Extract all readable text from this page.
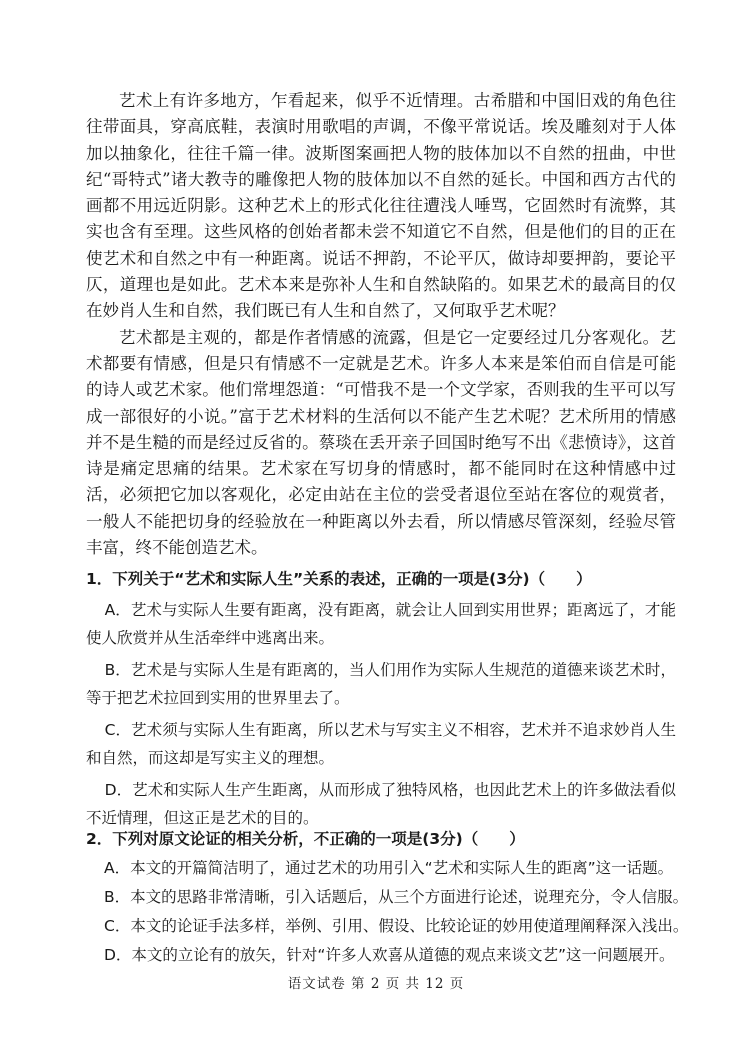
艺术上有许多地方，乍看起来，似乎不近情理。古希腊和中国旧戏的角色往往带面具，穿高底鞋，表演时用歌唱的声调，不像平常说话。埃及雕刻对于人体加以抽象化，往往千篇一律。波斯图案画把人物的肢体加以不自然的扭曲，中世纪“哥特式”诸大教寺的雕像把人物的肢体加以不自然的延长。中国和西方古代的画都不用远近阴影。这种艺术上的形式化往往遭浅人唾骂，它固然时有流弊，其实也含有至理。这些风格的创始者都未尝不知道它不自然，但是他们的目的正在使艺术和自然之中有一种距离。说话不押韵，不论平仄，做诗却要押韵，要论平仄，道理也是如此。艺术本来是弥补人生和自然缺陷的。如果艺术的最高目的仅在妙肖人生和自然，我们既已有人生和自然了，又何取乎艺术呢？

艺术都是主观的，都是作者情感的流露，但是它一定要经过几分客观化。艺术都要有情感，但是只有情感不一定就是艺术。许多人本来是笨伯而自信是可能的诗人或艺术家。他们常埋怨道：“可惜我不是一个文学家，否则我的生平可以写成一部很好的小说。”富于艺术材料的生活何以不能产生艺术呢？艺术所用的情感并不是生糙的而是经过反省的。蔡琰在丢开亲子回国时绝写不出《悲愤诗》，这首诗是痛定思痛的结果。艺术家在写切身的情感时，都不能同时在这种情感中过活，必须把它加以客观化，必定由站在主位的尝受者退位至站在客位的观赏者，一般人不能把切身的经验放在一种距离以外去看，所以情感尽管深刻，经验尽管丰富，终不能创造艺术。

1．下列关于“艺术和实际人生”关系的表述，正确的一项是(3分)（　　）

A．艺术与实际人生要有距离，没有距离，就会让人回到实用世界；距离远了，才能使人欣赏并从生活牵绊中逃离出来。

B．艺术是与实际人生是有距离的，当人们用作为实际人生规范的道德来谈艺术时，等于把艺术拉回到实用的世界里去了。

C．艺术须与实际人生有距离，所以艺术与写实主义不相容，艺术并不追求妙肖人生和自然，而这却是写实主义的理想。

D．艺术和实际人生产生距离，从而形成了独特风格，也因此艺术上的许多做法看似不近情理，但这正是艺术的目的。

2．下列对原文论证的相关分析，不正确的一项是(3分)（　　）

A．本文的开篇简洁明了，通过艺术的功用引入“艺术和实际人生的距离”这一话题。

B．本文的思路非常清晰，引入话题后，从三个方面进行论述，说理充分，令人信服。

C．本文的论证手法多样，举例、引用、假设、比较论证的妙用使道理阐释深入浅出。

D．本文的立论有的放矢，针对“许多人欢喜从道德的观点来谈文艺”这一问题展开。

语文试卷 第 2 页 共 12 页
